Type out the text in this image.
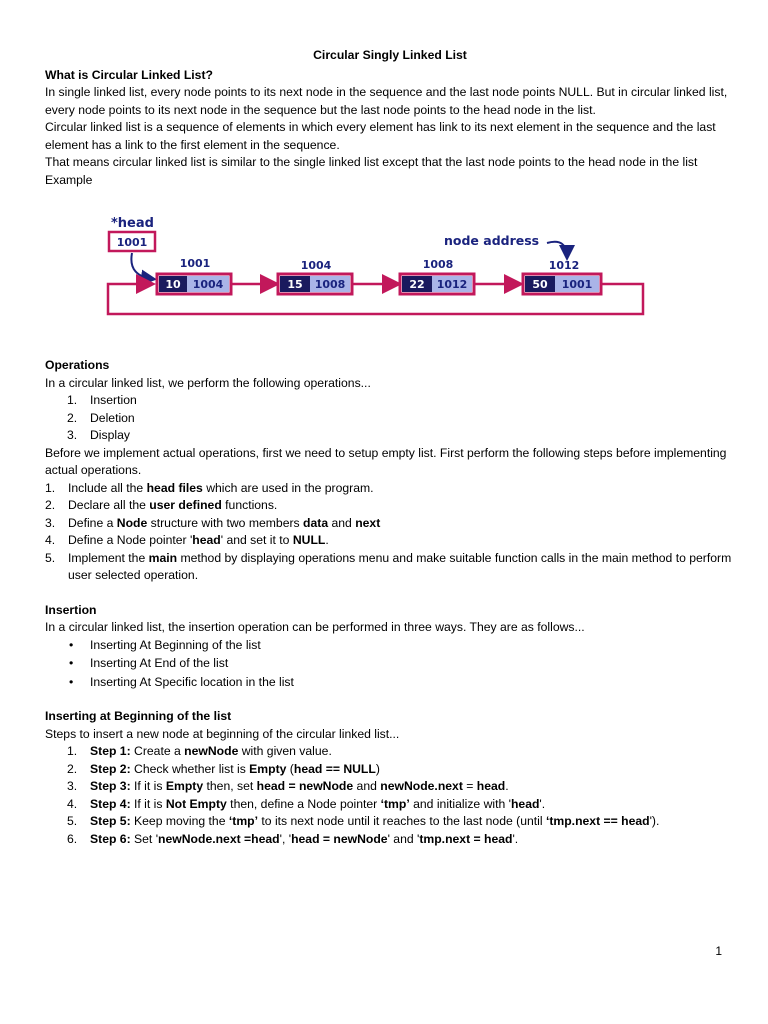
Circular Singly Linked List

What is Circular Linked List?

In single linked list, every node points to its next node in the sequence and the last node points NULL. But in circular linked list, every node points to its next node in the sequence but the last node points to the head node in the list.

Circular linked list is a sequence of elements in which every element has link to its next element in the sequence and the last element has a link to the first element in the sequence.

That means circular linked list is similar to the single linked list except that the last node points to the head node in the list

Example

*head
1001	node address
1001
10 1004
1004
15 1008
1008
22 1012
1012
50 1001

Operations

In a circular linked list, we perform the following operations...

1. Insertion
2. Deletion
3. Display

Before we implement actual operations, first we need to setup empty list. First perform the following steps before implementing actual operations.

1. Include all the head files which are used in the program.
2. Declare all the user defined functions.
3. Define a Node structure with two members data and next
4. Define a Node pointer 'head' and set it to NULL.
5. Implement the main method by displaying operations menu and make suitable function calls in the main method to perform user selected operation.

Insertion

In a circular linked list, the insertion operation can be performed in three ways. They are as follows...

• Inserting At Beginning of the list
• Inserting At End of the list
• Inserting At Specific location in the list

Inserting at Beginning of the list

Steps to insert a new node at beginning of the circular linked list...

1. Step 1: Create a newNode with given value.
2. Step 2: Check whether list is Empty (head == NULL)
3. Step 3: If it is Empty then, set head = newNode and newNode.next = head.
4. Step 4: If it is Not Empty then, define a Node pointer ‘tmp’ and initialize with 'head'.
5. Step 5: Keep moving the ‘tmp’ to its next node until it reaches to the last node (until ‘tmp.next == head').
6. Step 6: Set 'newNode.next =head', 'head = newNode' and 'tmp.next = head'.
1
